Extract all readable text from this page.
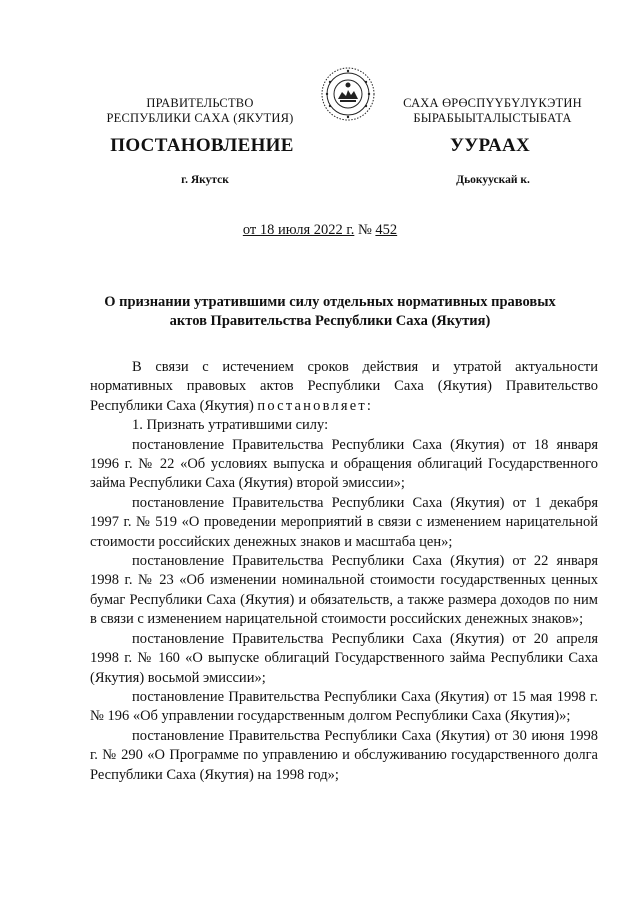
ПРАВИТЕЛЬСТВО
РЕСПУБЛИКИ САХА (ЯКУТИЯ)
САХА ӨРӨСПҮҮБҮЛҮКЭТИН
БЫРАБЫЫТАЛЫСТЫБАТА
ПОСТАНОВЛЕНИЕ	УУРААХ
г. Якутск	Дьокуускай к.
от 18 июля 2022 г. № 452
О признании утратившими силу отдельных нормативных правовых
актов Правительства Республики Саха (Якутия)

В связи с истечением сроков действия и утратой актуальности нормативных правовых актов Республики Саха (Якутия) Правительство Республики Саха (Якутия) постановляет:

1. Признать утратившими силу:

постановление Правительства Республики Саха (Якутия) от 18 января 1996 г. № 22 «Об условиях выпуска и обращения облигаций Государственного займа Республики Саха (Якутия) второй эмиссии»;

постановление Правительства Республики Саха (Якутия) от 1 декабря 1997 г. № 519 «О проведении мероприятий в связи с изменением нарицательной стоимости российских денежных знаков и масштаба цен»;

постановление Правительства Республики Саха (Якутия) от 22 января 1998 г. № 23 «Об изменении номинальной стоимости государственных ценных бумаг Республики Саха (Якутия) и обязательств, а также размера доходов по ним в связи с изменением нарицательной стоимости российских денежных знаков»;

постановление Правительства Республики Саха (Якутия) от 20 апреля 1998 г. № 160 «О выпуске облигаций Государственного займа Республики Саха (Якутия) восьмой эмиссии»;

постановление Правительства Республики Саха (Якутия) от 15 мая 1998 г. № 196 «Об управлении государственным долгом Республики Саха (Якутия)»;

постановление Правительства Республики Саха (Якутия) от 30 июня 1998 г. № 290 «О Программе по управлению и обслуживанию государственного долга Республики Саха (Якутия) на 1998 год»;
